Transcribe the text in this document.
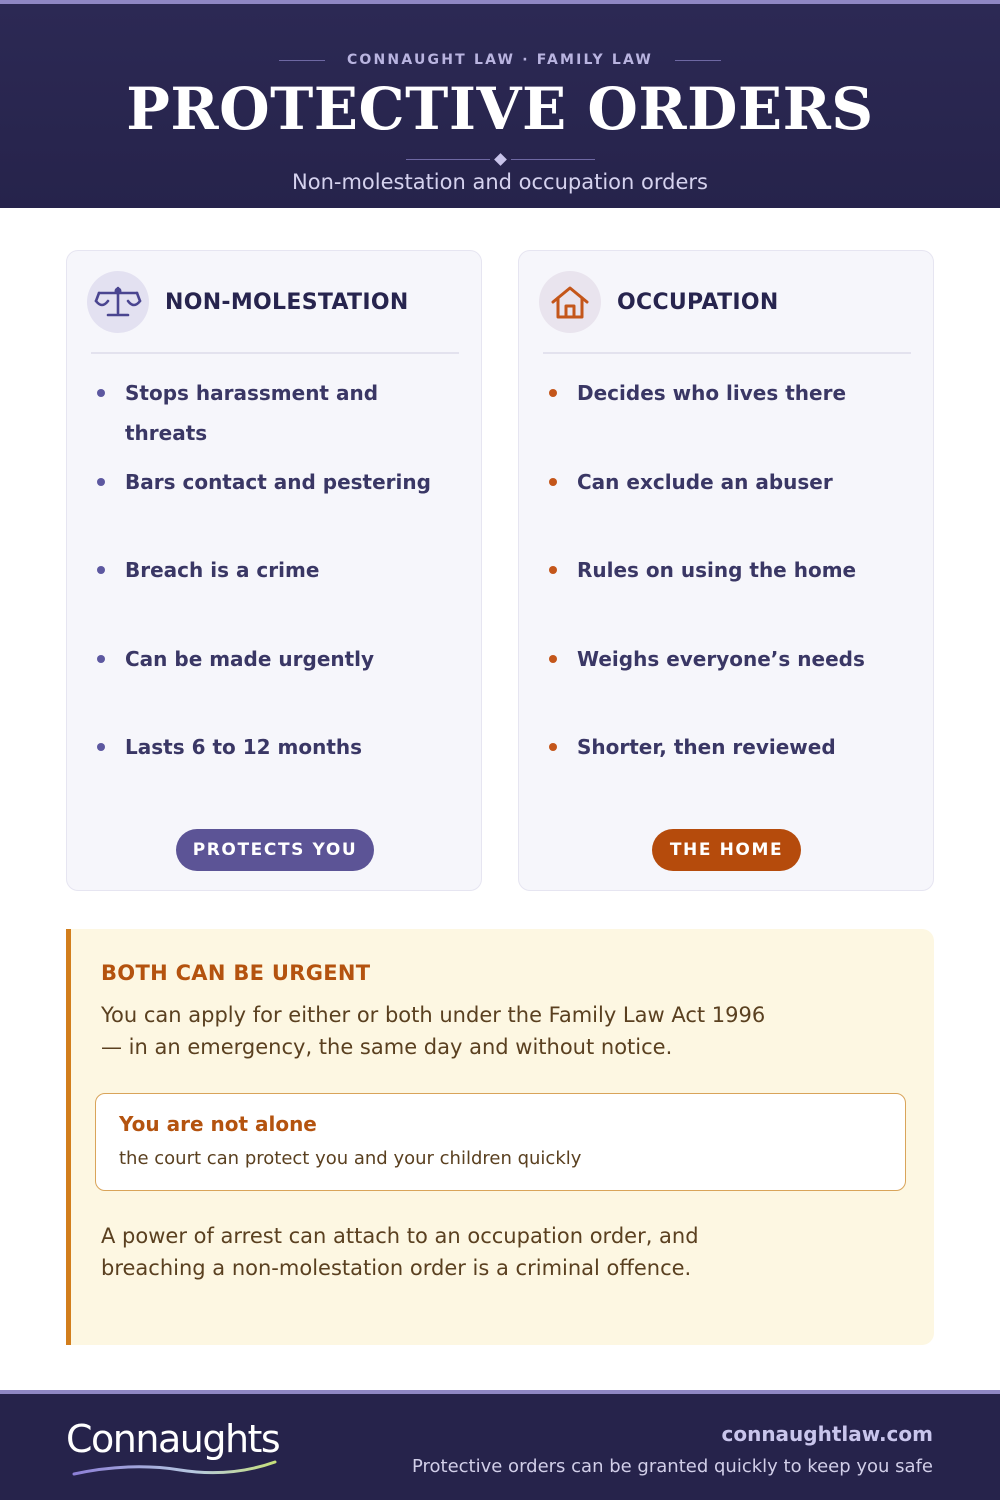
CONNAUGHT LAW · FAMILY LAW
PROTECTIVE ORDERS
Non-molestation and occupation orders
NON-MOLESTATION
Stops harassment and threats
Bars contact and pestering
Breach is a crime
Can be made urgently
Lasts 6 to 12 months
PROTECTS YOU
OCCUPATION
Decides who lives there
Can exclude an abuser
Rules on using the home
Weighs everyone’s needs
Shorter, then reviewed
THE HOME
BOTH CAN BE URGENT

You can apply for either or both under the Family Law Act 1996 — in an emergency, the same day and without notice.

You are not alone
the court can protect you and your children quickly

A power of arrest can attach to an occupation order, and breaching a non-molestation order is a criminal offence.

Connaughts	connaughtlaw.com
Protective orders can be granted quickly to keep you safe
